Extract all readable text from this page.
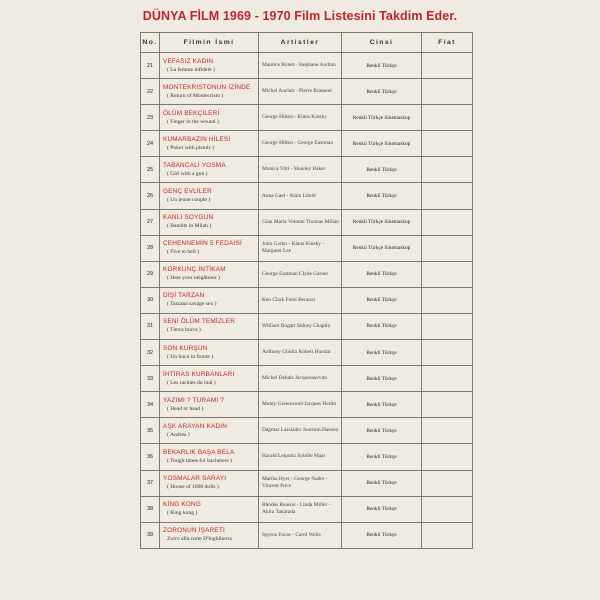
DÜNYA FİLM 1969 - 1970 Film Listesini Takdim Eder.
No.	Filmin İsmi	Artistler	Cinsi	Fiat
21	VEFASIZ KADIN
( La femme infidele )	Maurice Ronet - Stephane Audran	Renkli Türkçe	
22	MONTEKRISTONUN İZİNDE
( Return of Montecristo )	Michel Auclair - Pierre Brasseur	Renkli Türkçe	
23	ÖLÜM BEKÇİLERİ
( Finger in the wound )	George Hilton - Klaus Kinsky	Renkli Türkçe Sinemaskop	
24	KUMARBAZIN HİLESİ
( Poker with pistols )	George Hilton - George Eastman	Renkli Türkçe Sinemaskop	
25	TABANCALI YOSMA
( Girl with a gun )	Monica Vitti - Shauley Baker	Renkli Türkçe	
26	GENÇ EVLİLER
( Un jeune couple )	Anna Gael - Alain Libolt	Renkli Türkçe	
27	KANLI SOYGUN
( Bandits in Milan )	Gian Maria Volonte Thomas Milian	Renkli Türkçe Sinemaskop	
28	CEHENNEMİN 5 FEDAİSİ
( Five to hell )	John Garko - Klaus Kinsky - Margaret Lee	Renkli Türkçe Sinemaskop	
29	KORKUNÇ İNTİKAM
( Hate your neighbour )	George Eastman Clyde Garner	Renkli Türkçe	
30	DİŞİ TARZAN
( Tarzana savage sex )	Ken Clark Femi Benussi	Renkli Türkçe	
31	SENİ ÖLÜM TEMİZLER
( Tierra brava )	William Bogart Sidney Chaplin	Renkli Türkçe	
32	SON KURŞUN
( Un buco in fronte )	Anthony Ghidra Robert Hundar	Renkli Türkçe	
33	İHTİRAS KURBANLARI
( Les racines du mal )	Michel Debals Jacquessavvun	Renkli Türkçe	
34	YAZIMI ? TURAMI ?
( Head or head )	Monty Greenwood Jacques Herlin	Renkli Türkçe	
35	AŞK ARAYAN KADIN
( Andrea )	Dagmar Lassiader Joachim Hansen	Renkli Türkçe	
36	BEKARLIK BAŞA BELA
( Tough times for bachelors )	Harald Leipnitz Sybille Maar	Renkli Türkçe	
37	YOSMALAR SARAYI
( House of 1000 dolls )	Martha Hyer - George Nader - Vincent Price	Renkli Türkçe	
38	KİNG KONG
( King kong )	Rhodes Reason - Linda Miller - Akira Takarada	Renkli Türkçe	
39	ZORONUN İŞARETİ
Zorro alla corte D'Inghilterra	Spyros Focas - Carol Wells	Renkli Türkçe	
